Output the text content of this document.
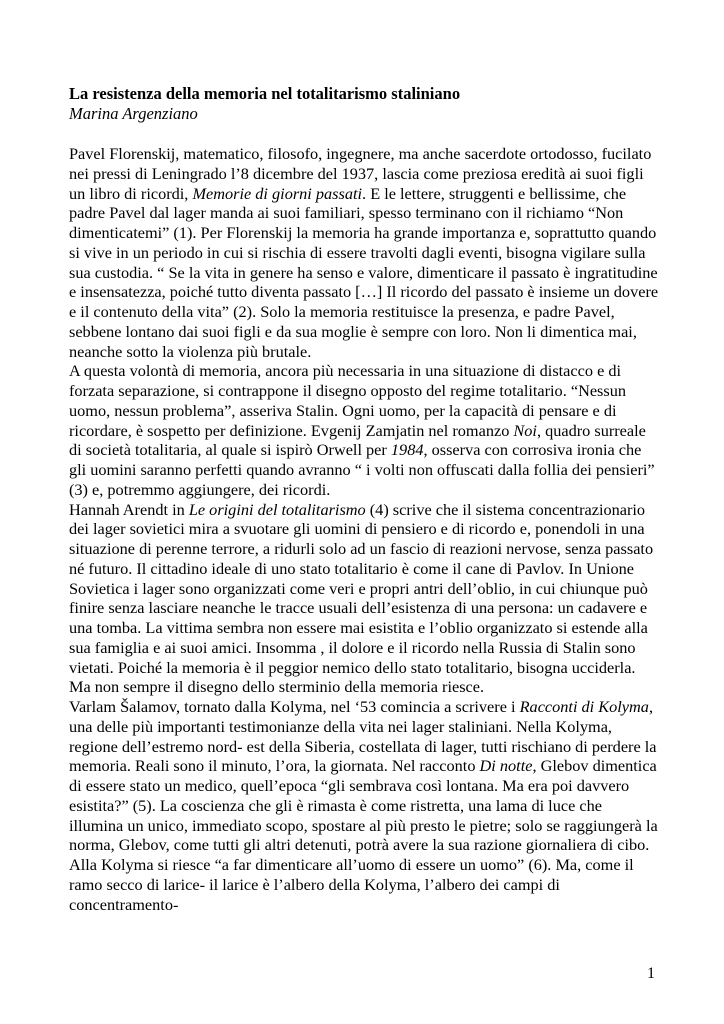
La resistenza della memoria nel totalitarismo staliniano

Marina Argenziano

Pavel Florenskij, matematico, filosofo, ingegnere, ma anche sacerdote ortodosso, fucilato nei pressi di Leningrado l’8 dicembre del 1937, lascia come preziosa eredità ai suoi figli un libro di ricordi, Memorie di giorni passati. E le lettere, struggenti e bellissime, che padre Pavel dal lager manda ai suoi familiari, spesso terminano con il richiamo “Non dimenticatemi” (1). Per Florenskij la memoria ha grande importanza e, soprattutto quando si vive in un periodo in cui si rischia di essere travolti dagli eventi, bisogna vigilare sulla sua custodia. “ Se la vita in genere ha senso e valore, dimenticare il passato è ingratitudine e insensatezza, poiché tutto diventa passato […] Il ricordo del passato è insieme un dovere e il contenuto della vita” (2). Solo la memoria restituisce la presenza, e padre Pavel, sebbene lontano dai suoi figli e da sua moglie è sempre con loro. Non li dimentica mai, neanche sotto la violenza più brutale.

A questa volontà di memoria, ancora più necessaria in una situazione di distacco e di forzata separazione, si contrappone il disegno opposto del regime totalitario. “Nessun uomo, nessun problema”, asseriva Stalin. Ogni uomo, per la capacità di pensare e di ricordare, è sospetto per definizione. Evgenij Zamjatin nel romanzo Noi, quadro surreale di società totalitaria, al quale si ispirò Orwell per 1984, osserva con corrosiva ironia che gli uomini saranno perfetti quando avranno “ i volti non offuscati dalla follia dei pensieri” (3) e, potremmo aggiungere, dei ricordi.

Hannah Arendt in Le origini del totalitarismo (4) scrive che il sistema concentrazionario dei lager sovietici mira a svuotare gli uomini di pensiero e di ricordo e, ponendoli in una situazione di perenne terrore, a ridurli solo ad un fascio di reazioni nervose, senza passato né futuro. Il cittadino ideale di uno stato totalitario è come il cane di Pavlov. In Unione Sovietica i lager sono organizzati come veri e propri antri dell’oblio, in cui chiunque può finire senza lasciare neanche le tracce usuali dell’esistenza di una persona: un cadavere e una tomba. La vittima sembra non essere mai esistita e l’oblio organizzato si estende alla sua famiglia e ai suoi amici. Insomma , il dolore e il ricordo nella Russia di Stalin sono vietati. Poiché la memoria è il peggior nemico dello stato totalitario, bisogna ucciderla. Ma non sempre il disegno dello sterminio della memoria riesce.

Varlam Šalamov, tornato dalla Kolyma, nel ‘53 comincia a scrivere i Racconti di Kolyma, una delle più importanti testimonianze della vita nei lager staliniani. Nella Kolyma, regione dell’estremo nord- est della Siberia, costellata di lager, tutti rischiano di perdere la memoria. Reali sono il minuto, l’ora, la giornata. Nel racconto Di notte, Glebov dimentica di essere stato un medico, quell’epoca “gli sembrava così lontana. Ma era poi davvero esistita?” (5). La coscienza che gli è rimasta è come ristretta, una lama di luce che illumina un unico, immediato scopo, spostare al più presto le pietre; solo se raggiungerà la norma, Glebov, come tutti gli altri detenuti, potrà avere la sua razione giornaliera di cibo. Alla Kolyma si riesce “a far dimenticare all’uomo di essere un uomo” (6). Ma, come il ramo secco di larice- il larice è l’albero della Kolyma, l’albero dei campi di concentramento-

1
